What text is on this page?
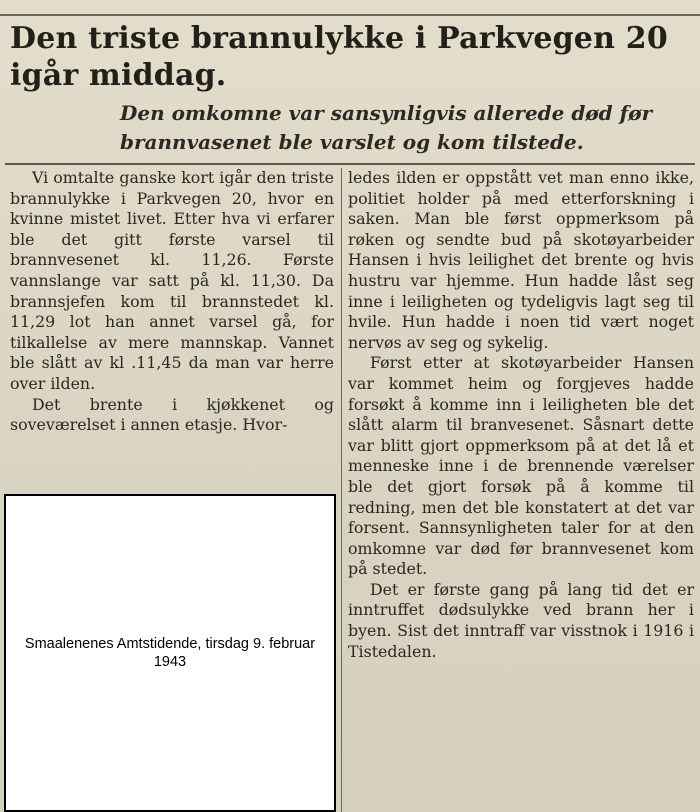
Den triste brannulykke i Parkvegen 20 igår middag.
Den omkomne var sansynligvis allerede død før brannvasenet ble varslet og kom tilstede.

Vi omtalte ganske kort igår den triste brannulykke i Parkvegen 20, hvor en kvinne mistet livet. Etter hva vi erfarer ble det gitt første varsel til brannvesenet kl. 11,26. Første vannslange var satt på kl. 11,30. Da brannsjefen kom til brannstedet kl. 11,29 lot han annet varsel gå, for tilkallelse av mere mannskap. Vannet ble slått av kl .11,45 da man var herre over ilden.

Det brente i kjøkkenet og soveværelset i annen etasje. Hvor-

ledes ilden er oppstått vet man enno ikke, politiet holder på med etterforskning i saken. Man ble først oppmerksom på røken og sendte bud på skotøyarbeider Hansen i hvis leilighet det brente og hvis hustru var hjemme. Hun hadde låst seg inne i leiligheten og tydeligvis lagt seg til hvile. Hun hadde i noen tid vært noget nervøs av seg og sykelig.

Først etter at skotøyarbeider Hansen var kommet heim og forgjeves hadde forsøkt å komme inn i leiligheten ble det slått alarm til branvesenet. Såsnart dette var blitt gjort oppmerksom på at det lå et menneske inne i de brennende værelser ble det gjort forsøk på å komme til redning, men det ble konstatert at det var forsent. Sannsynligheten taler for at den omkomne var død før brannvesenet kom på stedet.

Det er første gang på lang tid det er inntruffet dødsulykke ved brann her i byen. Sist det inntraff var visstnok i 1916 i Tistedalen.

Smaalenenes Amtstidende, tirsdag 9. februar 1943
